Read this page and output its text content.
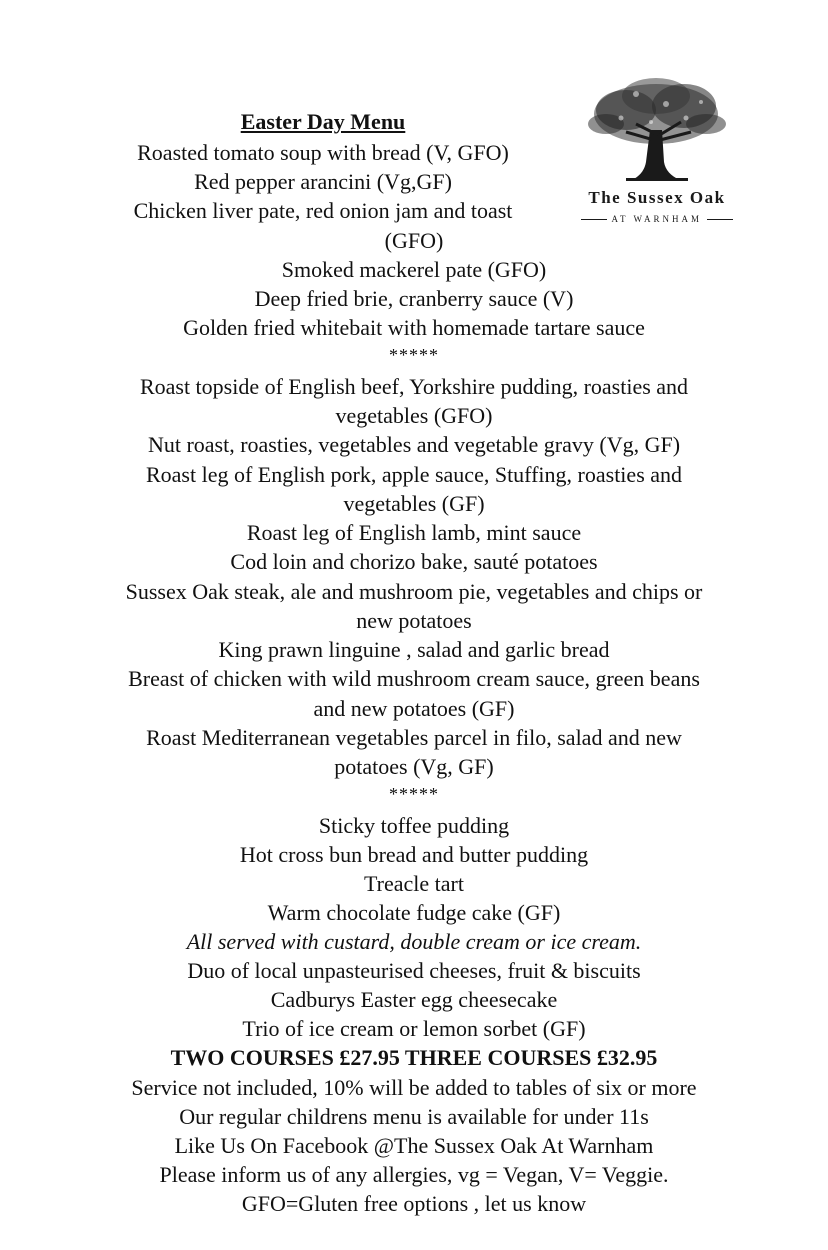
The Sussex Oak
AT WARNHAM
Easter Day Menu
Roasted tomato soup with bread (V, GFO)
Red pepper arancini (Vg,GF)
Chicken liver pate, red onion jam and toast
(GFO)
Smoked mackerel pate (GFO)
Deep fried brie, cranberry sauce (V)
Golden fried whitebait with homemade tartare sauce
*****
Roast topside of English beef, Yorkshire pudding, roasties and
vegetables (GFO)
Nut roast, roasties, vegetables and vegetable gravy (Vg, GF)
Roast leg of English pork, apple sauce, Stuffing, roasties and
vegetables (GF)
Roast leg of English lamb, mint sauce
Cod loin and chorizo bake, sauté potatoes
Sussex Oak steak, ale and mushroom pie, vegetables and chips or
new potatoes
King prawn linguine , salad and garlic bread
Breast of chicken with wild mushroom cream sauce, green beans
and new potatoes (GF)
Roast Mediterranean vegetables parcel in filo, salad and new
potatoes (Vg, GF)
*****
Sticky toffee pudding
Hot cross bun bread and butter pudding
Treacle tart
Warm chocolate fudge cake (GF)
All served with custard, double cream or ice cream.
Duo of local unpasteurised cheeses, fruit & biscuits
Cadburys Easter egg cheesecake
Trio of ice cream or lemon sorbet (GF)
TWO COURSES £27.95 THREE COURSES £32.95
Service not included, 10% will be added to tables of six or more
Our regular childrens menu is available for under 11s
Like Us On Facebook @The Sussex Oak At Warnham
Please inform us of any allergies, vg = Vegan, V= Veggie.
GFO=Gluten free options , let us know
